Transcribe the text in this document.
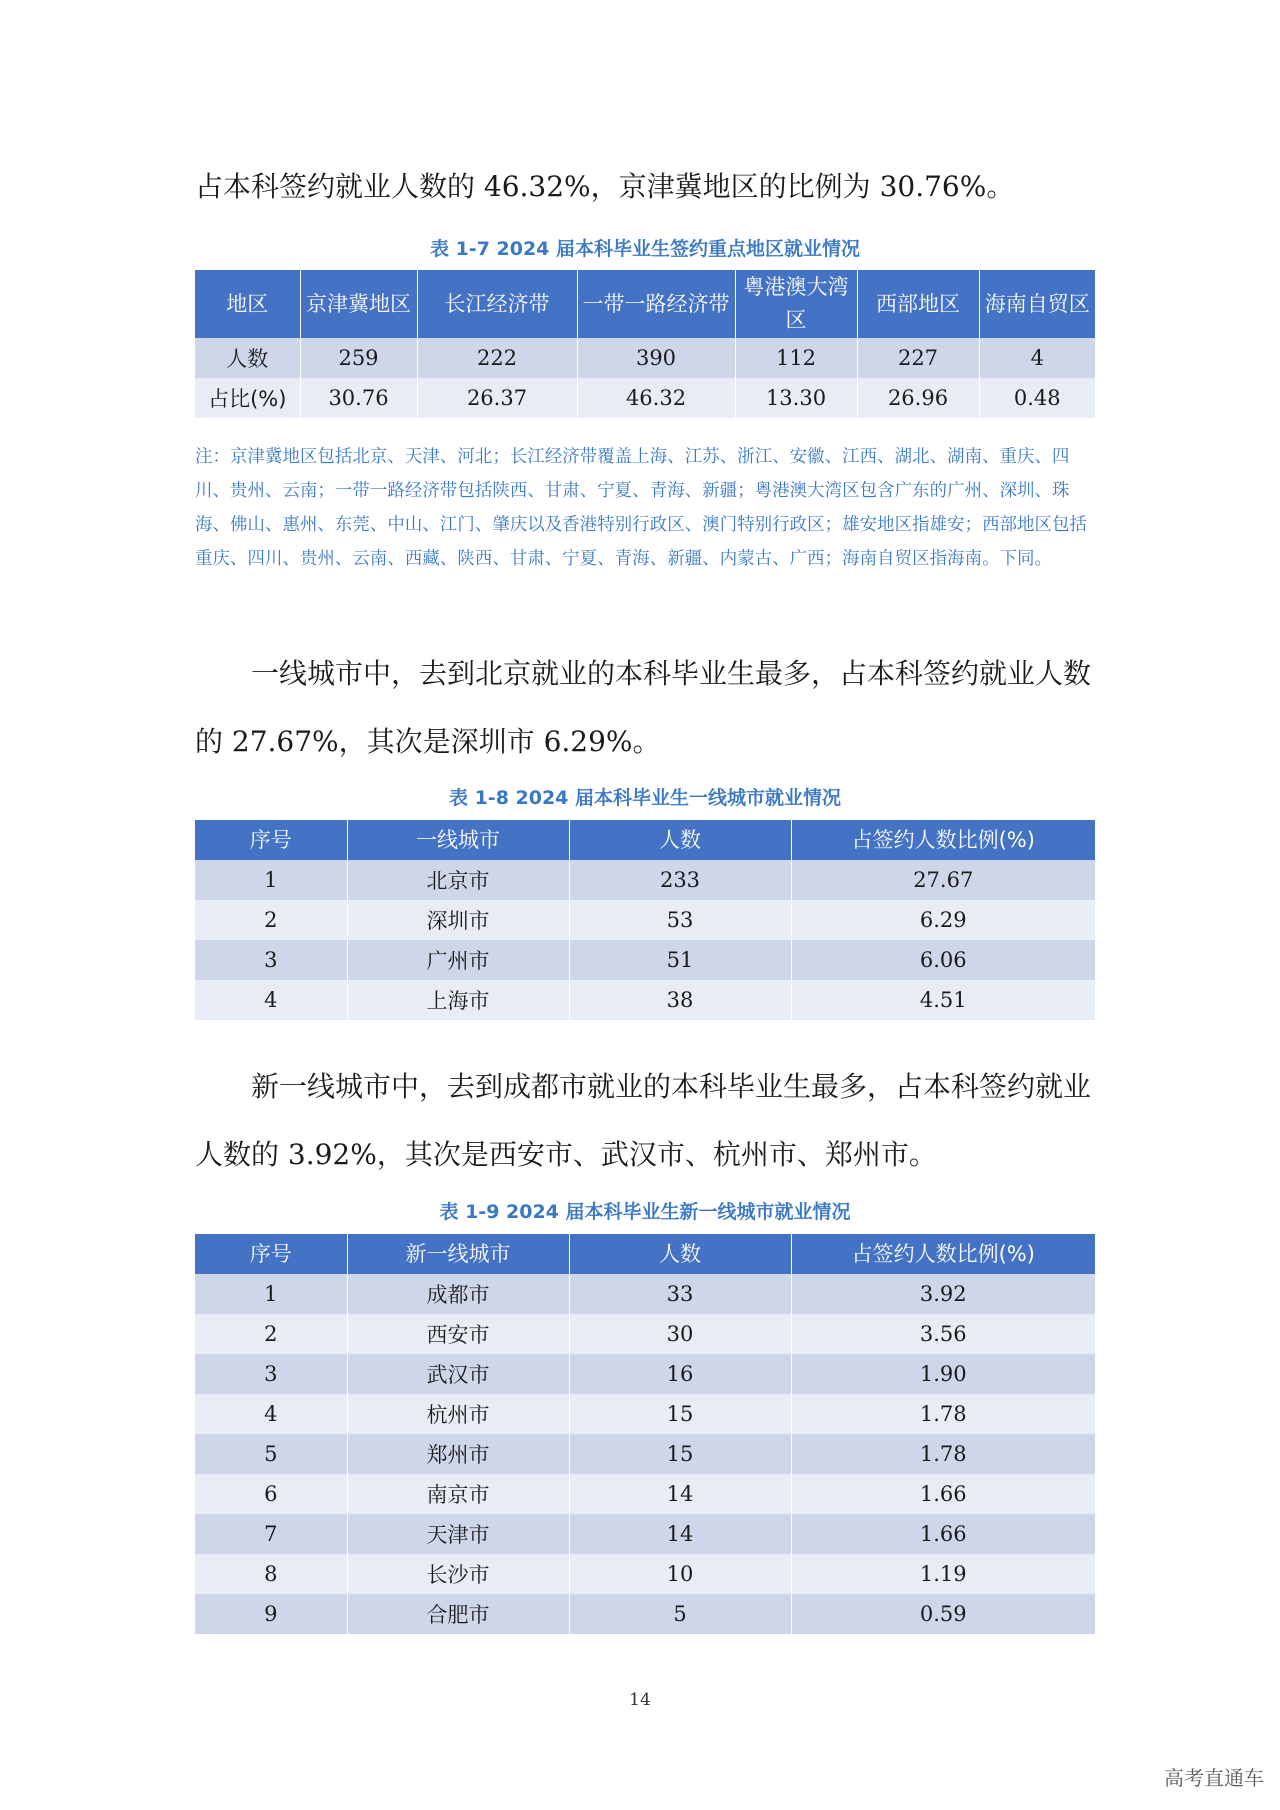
占本科签约就业人数的 46.32%，京津冀地区的比例为 30.76%。

表 1-7 2024 届本科毕业生签约重点地区就业情况

地区	京津冀地区	长江经济带	一带一路经济带	粤港澳大湾区	西部地区	海南自贸区
人数	259	222	390	112	227	4
占比(%)	30.76	26.37	46.32	13.30	26.96	0.48

注：京津冀地区包括北京、天津、河北；长江经济带覆盖上海、江苏、浙江、安徽、江西、湖北、湖南、重庆、四川、贵州、云南；一带一路经济带包括陕西、甘肃、宁夏、青海、新疆；粤港澳大湾区包含广东的广州、深圳、珠海、佛山、惠州、东莞、中山、江门、肇庆以及香港特别行政区、澳门特别行政区；雄安地区指雄安；西部地区包括重庆、四川、贵州、云南、西藏、陕西、甘肃、宁夏、青海、新疆、内蒙古、广西；海南自贸区指海南。下同。

一线城市中，去到北京就业的本科毕业生最多，占本科签约就业人数的 27.67%，其次是深圳市 6.29%。

表 1-8 2024 届本科毕业生一线城市就业情况

序号	一线城市	人数	占签约人数比例(%)
1	北京市	233	27.67
2	深圳市	53	6.29
3	广州市	51	6.06
4	上海市	38	4.51

新一线城市中，去到成都市就业的本科毕业生最多，占本科签约就业人数的 3.92%，其次是西安市、武汉市、杭州市、郑州市。

表 1-9 2024 届本科毕业生新一线城市就业情况

序号	新一线城市	人数	占签约人数比例(%)
1	成都市	33	3.92
2	西安市	30	3.56
3	武汉市	16	1.90
4	杭州市	15	1.78
5	郑州市	15	1.78
6	南京市	14	1.66
7	天津市	14	1.66
8	长沙市	10	1.19
9	合肥市	5	0.59
14
高考直通车
